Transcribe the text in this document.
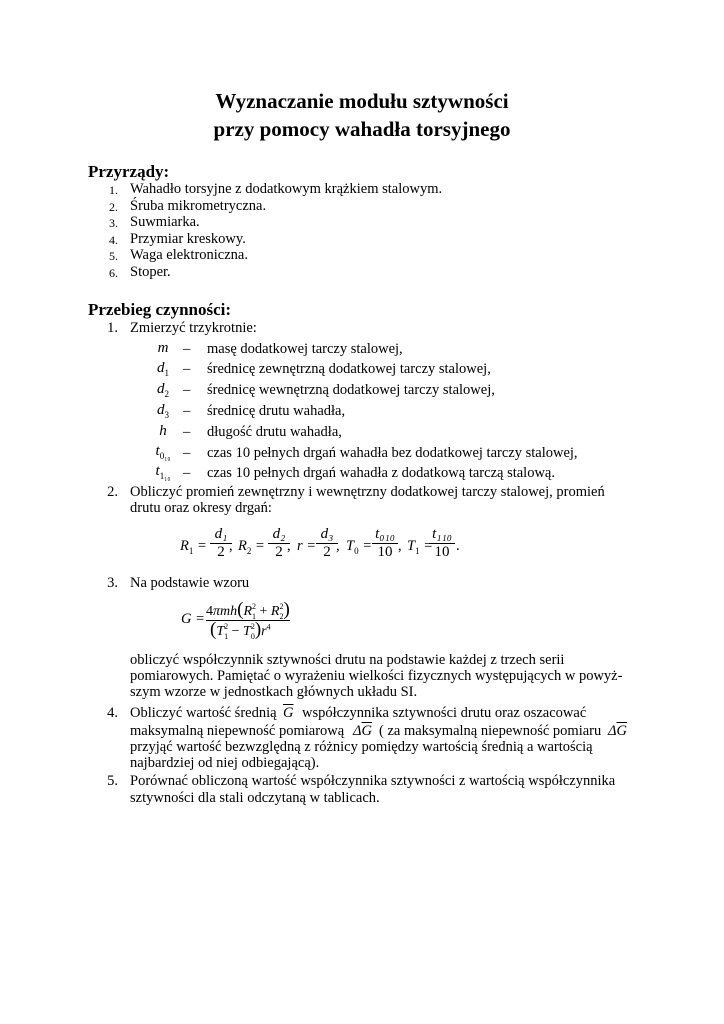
Wyznaczanie modułu sztywności
przy pomocy wahadła torsyjnego
Przyrządy:
1. Wahadło torsyjne z dodatkowym krążkiem stalowym.
2. Śruba mikrometryczna.
3. Suwmiarka.
4. Przymiar kreskowy.
5. Waga elektroniczna.
6. Stoper.
Przebieg czynności:
1. Zmierzyć trzykrotnie:
m	– masę dodatkowej tarczy stalowej,
$d_1$ – średnicę zewnętrzną dodatkowej tarczy stalowej,
$d_2$ – średnicę wewnętrzną dodatkowej tarczy stalowej,
$d_3$ – średnicę drutu wahadła,
h	– długość drutu wahadła,
$t_{0_{10}}$ – czas 10 pełnych drgań wahadła bez dodatkowej tarczy stalowej,
$t_{1_{10}}$ – czas 10 pełnych drgań wahadła z dodatkową tarczą stalową.
2. Obliczyć promień zewnętrzny i wewnętrzny dodatkowej tarczy stalowej, promień
drutu oraz okresy drgań:
$R_1 = \frac{\text{d₁}}{2}$
, $R_2 = \frac{\text{d₂}}{2}$
, $r = \frac{\text{d₃}}{2}$
, $T_0 = \frac{\text{t₀₁₀}}{10}$ , $T_1$ =
$\frac{\text{t₁₁₀}}{10}$ .
3. Na podstawie wzoru
$G = 4\pi mh(R_1^2 + R_2^2)$
$(T_1^2 - T_0^2)r^4$
obliczyć współczynnik sztywności drutu na podstawie każdej z trzech serii
pomiarowych. Pamiętać o wyrażeniu wielkości fizycznych występujących w powyż-
szym wzorze w jednostkach głównych układu SI.
4. Obliczyć wartość średnią $\overline{G}$ współczynnika sztywności drutu oraz oszacować
maksymalną niepewność pomiarową $\Delta\overline{G}$ ( za maksymalną niepewność pomiaru $\Delta\overline{G}$
przyjąć wartość bezwzględną z różnicy pomiędzy wartością średnią a wartością
najbardziej od niej odbiegającą).
5. Porównać obliczoną wartość współczynnika sztywności z wartością współczynnika
sztywności dla stali odczytaną w tablicach.
